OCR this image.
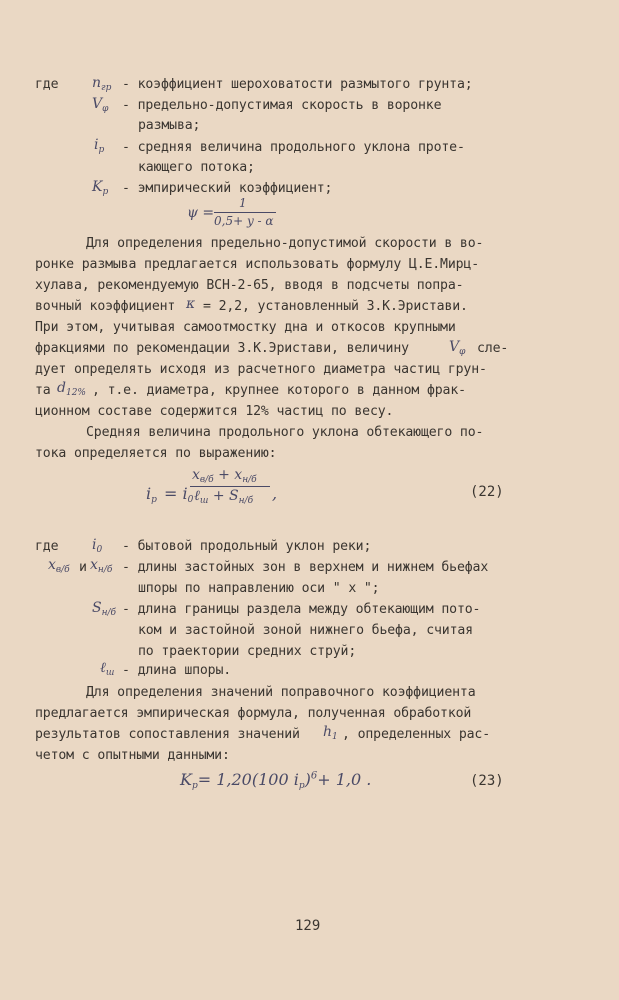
где $n_{гр}$ - коэффициент шероховатости размытого грунта;
$V_\varphi$ - предельно-допустимая скорость в воронке
размыва;
$i_р$ - средняя величина продольного уклона проте-
кающего потока;
$K_р$ - эмпирический коэффициент;
ψ =
1
0,5+ y - α
Для определения предельно-допустимой скорости в во-
ронке размыва предлагается использовать формулу Ц.Е.Мирц-
хулава, рекомендуемую ВСН-2-65, вводя в подсчеты попра-
вочный коэффициент κ = 2,2, установленный З.К.Эристави.
При этом, учитывая самоотмостку дна и откосов крупными
фракциями по рекомендации З.К.Эристави, величину	$V_\varphi$ сле-
дует определять исходя из расчетного диаметра частиц грун-
та $d_{12\%}$ , т.е. диаметра, крупнее которого в данном фрак-
ционном составе содержится 12% частиц по весу.
Средняя величина продольного уклона обтекающего по-
тока определяется по выражению:
iр = i0
$x_{в/б} + x_{н/б}$
ℓ$_ш$ + $S_{н/б}$ ,	(22)
где $i_0$ - бытовой продольный уклон реки;
$x_{в/б}$ и $x_{н/б}$ - длины застойных зон в верхнем и нижнем бьефах
шпоры по направлению оси " x ";
$S_{н/б}$ - длина границы раздела между обтекающим пото-
ком и застойной зоной нижнего бьефа, считая
по траектории средних струй;
ℓ$_ш$ - длина шпоры.
Для определения значений поправочного коэффициента
предлагается эмпирическая формула, полученная обработкой
результатов сопоставления значений $h_1$ , определенных рас-
четом с опытными данными:
Kр= 1,20(100 iр)$^6$+ 1,0 .	(23)
129
